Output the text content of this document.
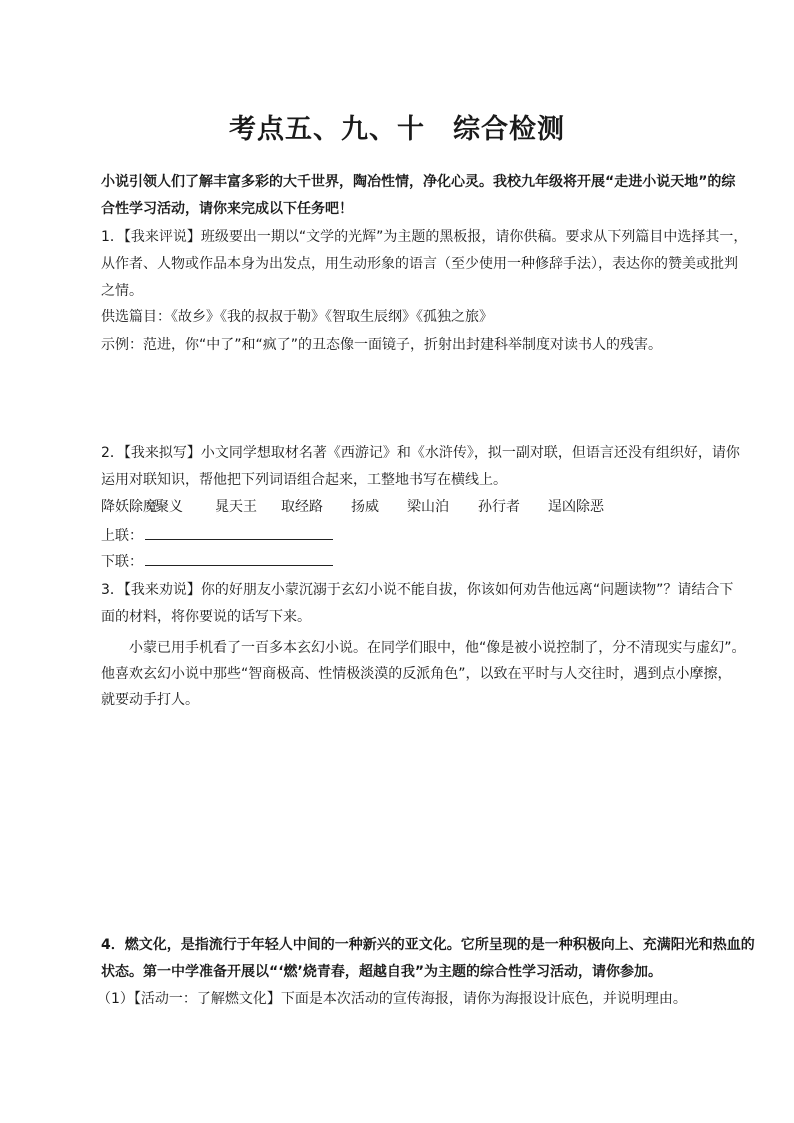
考点五、九、十　综合检测
小说引领人们了解丰富多彩的大千世界，陶冶性情，净化心灵。我校九年级将开展“走进小说天地”的综
合性学习活动，请你来完成以下任务吧！
1．【我来评说】班级要出一期以“文学的光辉”为主题的黑板报，请你供稿。要求从下列篇目中选择其一，
从作者、人物或作品本身为出发点，用生动形象的语言（至少使用一种修辞手法），表达你的赞美或批判
之情。
供选篇目：《故乡》《我的叔叔于勒》《智取生辰纲》《孤独之旅》
示例：范进，你“中了”和“疯了”的丑态像一面镜子，折射出封建科举制度对读书人的残害。
2．【我来拟写】小文同学想取材名著《西游记》和《水浒传》，拟一副对联，但语言还没有组织好，请你
运用对联知识，帮他把下列词语组合起来，工整地书写在横线上。
降妖除魔
聚义 晁天王 取经路 扬威 梁山泊 孙行者 逞凶除恶
上联：
下联：
3．【我来劝说】你的好朋友小蒙沉溺于玄幻小说不能自拔，你该如何劝告他远离“问题读物”？请结合下
面的材料，将你要说的话写下来。
小蒙已用手机看了一百多本玄幻小说。在同学们眼中，他“像是被小说控制了，分不清现实与虚幻”。
他喜欢玄幻小说中那些“智商极高、性情极淡漠的反派角色”，以致在平时与人交往时，遇到点小摩擦，
就要动手打人。
4．燃文化，是指流行于年轻人中间的一种新兴的亚文化。它所呈现的是一种积极向上、充满阳光和热血的
状态。第一中学准备开展以“‘燃’烧青春，超越自我”为主题的综合性学习活动，请你参加。
（1）【活动一：了解燃文化】下面是本次活动的宣传海报，请你为海报设计底色，并说明理由。
